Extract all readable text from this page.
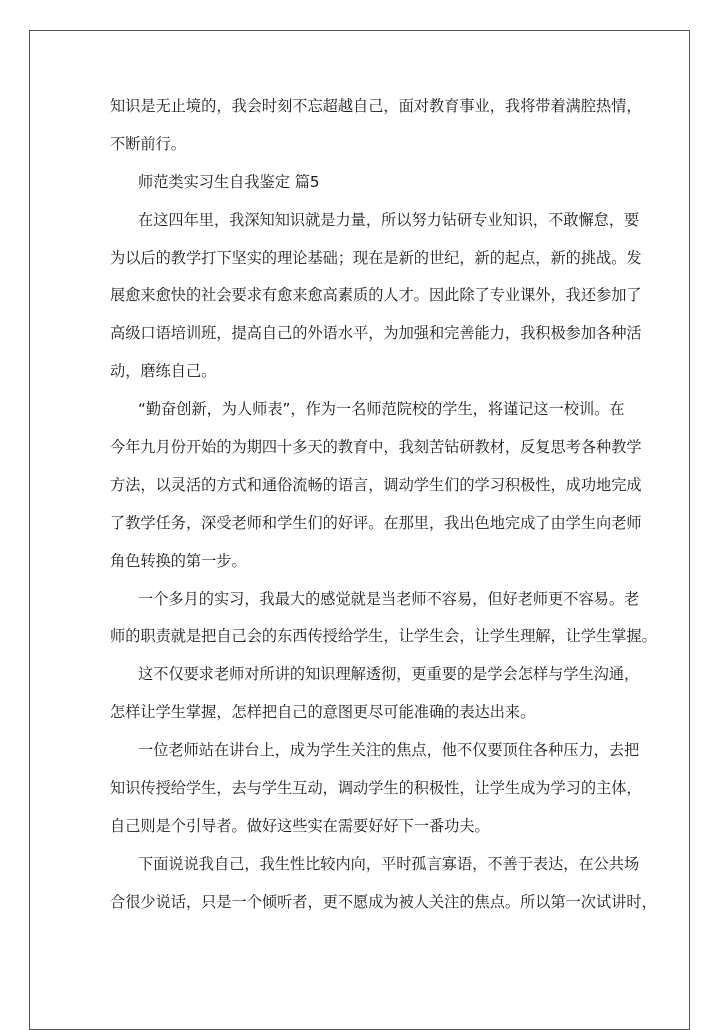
知识是无止境的，我会时刻不忘超越自己，面对教育事业，我将带着满腔热情，
不断前行。
师范类实习生自我鉴定 篇5
在这四年里，我深知知识就是力量，所以努力钻研专业知识，不敢懈怠，要
为以后的教学打下坚实的理论基础；现在是新的世纪，新的起点，新的挑战。发
展愈来愈快的社会要求有愈来愈高素质的人才。因此除了专业课外，我还参加了
高级口语培训班，提高自己的外语水平，为加强和完善能力，我积极参加各种活
动，磨练自己。
“勤奋创新，为人师表”，作为一名师范院校的学生，将谨记这一校训。在
今年九月份开始的为期四十多天的教育中，我刻苦钻研教材，反复思考各种教学
方法，以灵活的方式和通俗流畅的语言，调动学生们的学习积极性，成功地完成
了教学任务，深受老师和学生们的好评。在那里，我出色地完成了由学生向老师
角色转换的第一步。
一个多月的实习，我最大的感觉就是当老师不容易，但好老师更不容易。老
师的职责就是把自己会的东西传授给学生，让学生会，让学生理解，让学生掌握。
这不仅要求老师对所讲的知识理解透彻，更重要的是学会怎样与学生沟通，
怎样让学生掌握，怎样把自己的意图更尽可能准确的表达出来。
一位老师站在讲台上，成为学生关注的焦点，他不仅要顶住各种压力，去把
知识传授给学生，去与学生互动，调动学生的积极性，让学生成为学习的主体，
自己则是个引导者。做好这些实在需要好好下一番功夫。
下面说说我自己，我生性比较内向，平时孤言寡语，不善于表达，在公共场
合很少说话，只是一个倾听者，更不愿成为被人关注的焦点。所以第一次试讲时，
